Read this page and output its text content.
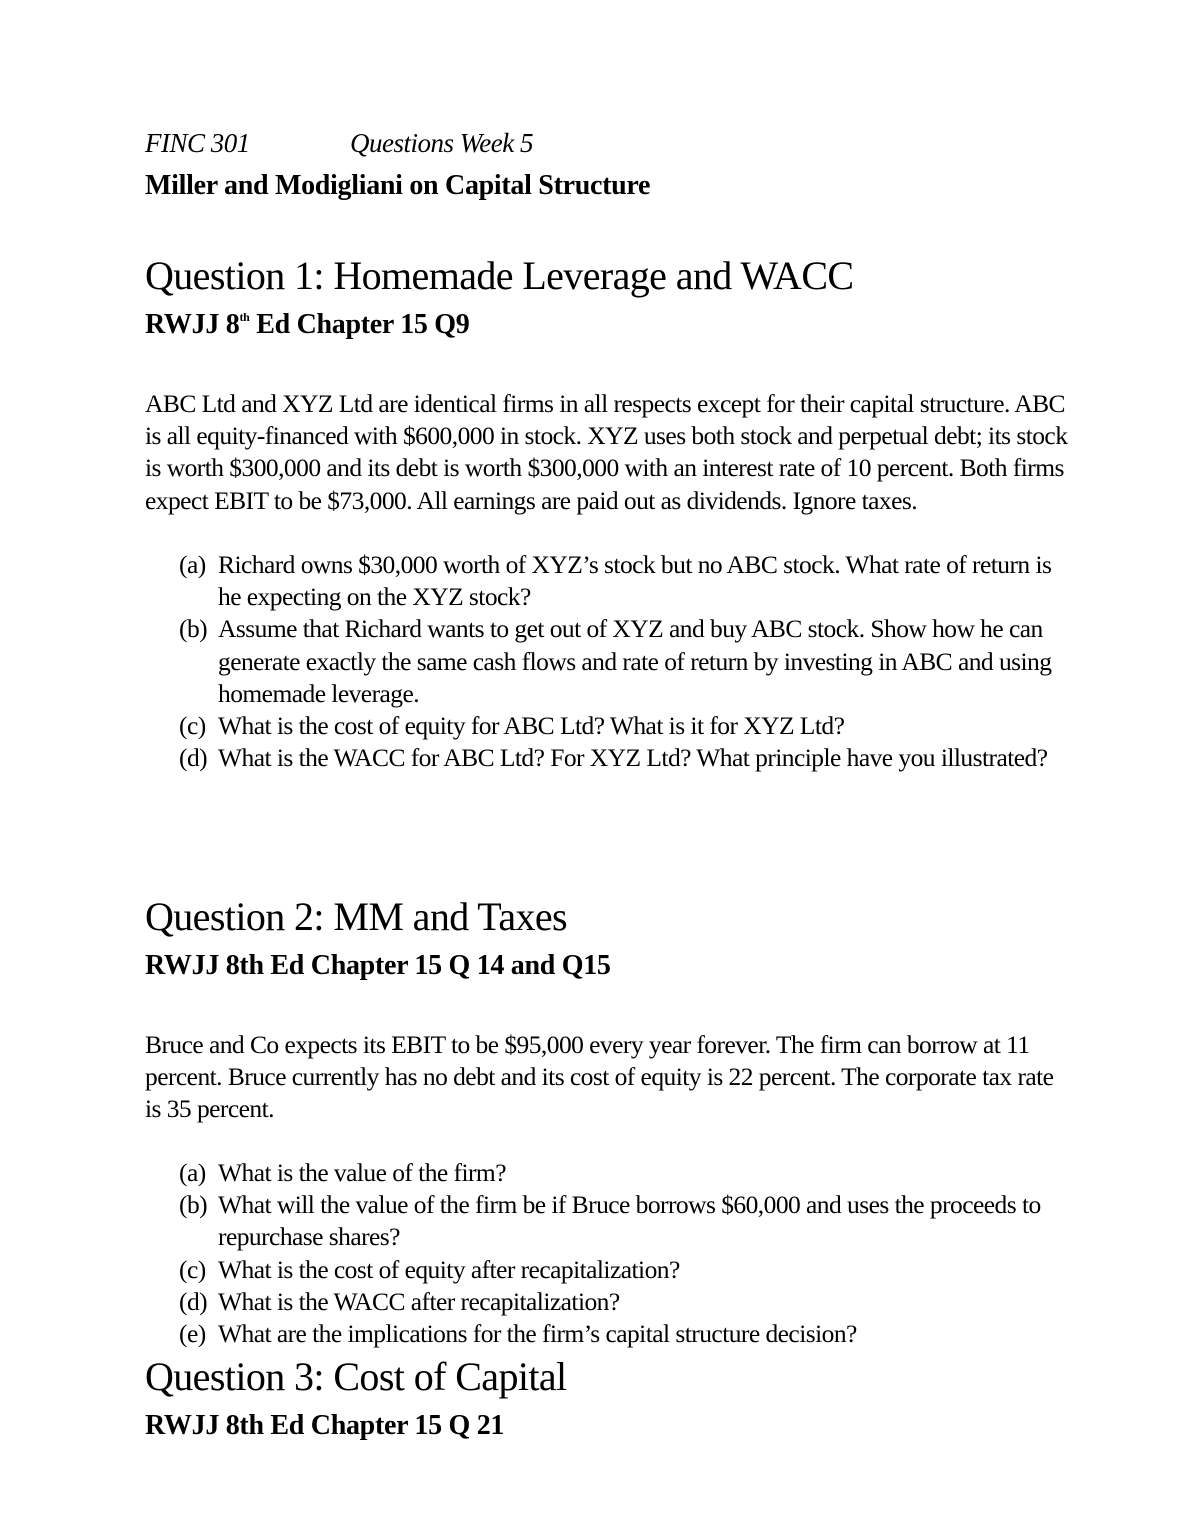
FINC 301	Questions Week 5
Miller and Modigliani on Capital Structure
Question 1: Homemade Leverage and WACC
RWJJ 8th Ed Chapter 15 Q9

ABC Ltd and XYZ Ltd are identical firms in all respects except for their capital structure. ABC is all equity-financed with $600,000 in stock. XYZ uses both stock and perpetual debt; its stock is worth $300,000 and its debt is worth $300,000 with an interest rate of 10 percent. Both firms expect EBIT to be $73,000. All earnings are paid out as dividends. Ignore taxes.

(a) Richard owns $30,000 worth of XYZ’s stock but no ABC stock. What rate of return is he expecting on the XYZ stock?
(b) Assume that Richard wants to get out of XYZ and buy ABC stock. Show how he can generate exactly the same cash flows and rate of return by investing in ABC and using homemade leverage.
(c) What is the cost of equity for ABC Ltd? What is it for XYZ Ltd?
(d) What is the WACC for ABC Ltd? For XYZ Ltd? What principle have you illustrated?
Question 2: MM and Taxes
RWJJ 8th Ed Chapter 15 Q 14 and Q15

Bruce and Co expects its EBIT to be $95,000 every year forever. The firm can borrow at 11 percent. Bruce currently has no debt and its cost of equity is 22 percent. The corporate tax rate is 35 percent.

(a) What is the value of the firm?
(b) What will the value of the firm be if Bruce borrows $60,000 and uses the proceeds to repurchase shares?
(c) What is the cost of equity after recapitalization?
(d) What is the WACC after recapitalization?
(e) What are the implications for the firm’s capital structure decision?
Question 3: Cost of Capital
RWJJ 8th Ed Chapter 15 Q 21
